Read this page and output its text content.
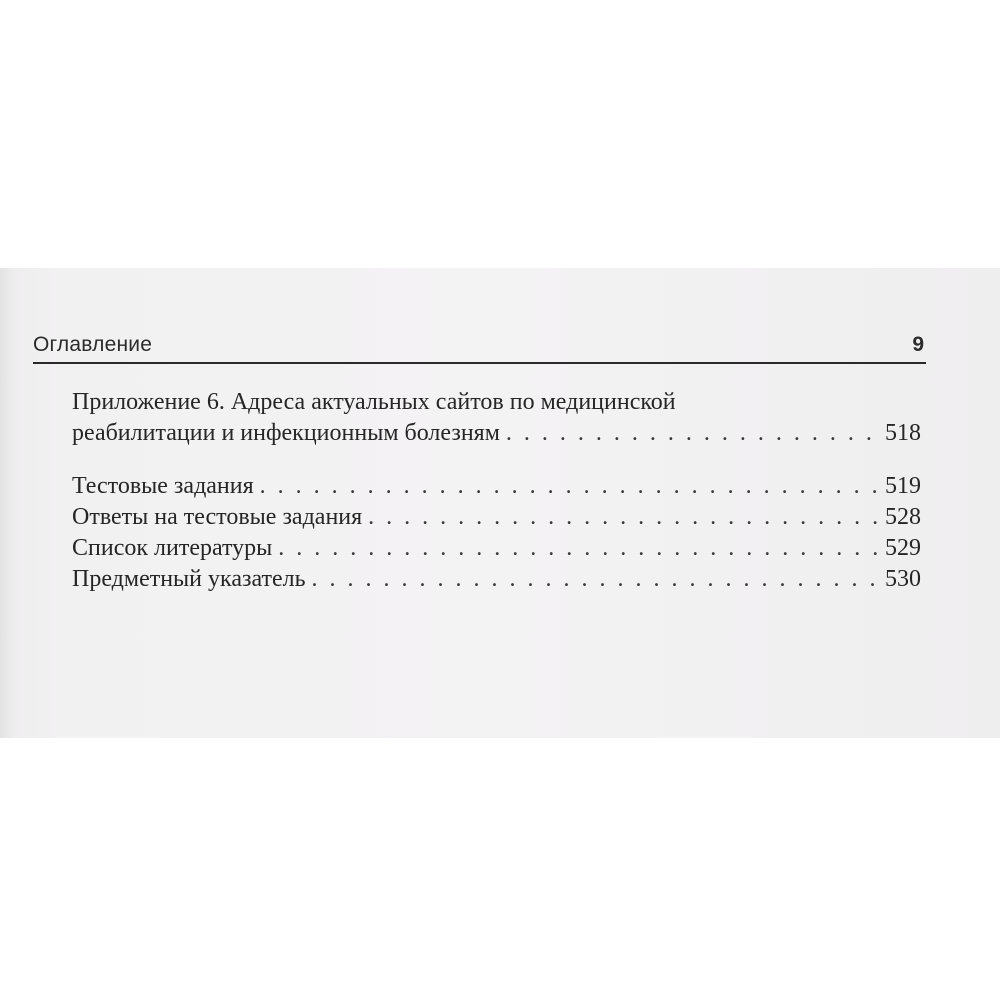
Оглавление	9
Приложение 6. Адреса актуальных сайтов по медицинской
реабилитации и инфекционным болезням . . .	518
Тестовые задания . . .	519
Ответы на тестовые задания . . .	528
Список литературы . . .	529
Предметный указатель . . .	530
